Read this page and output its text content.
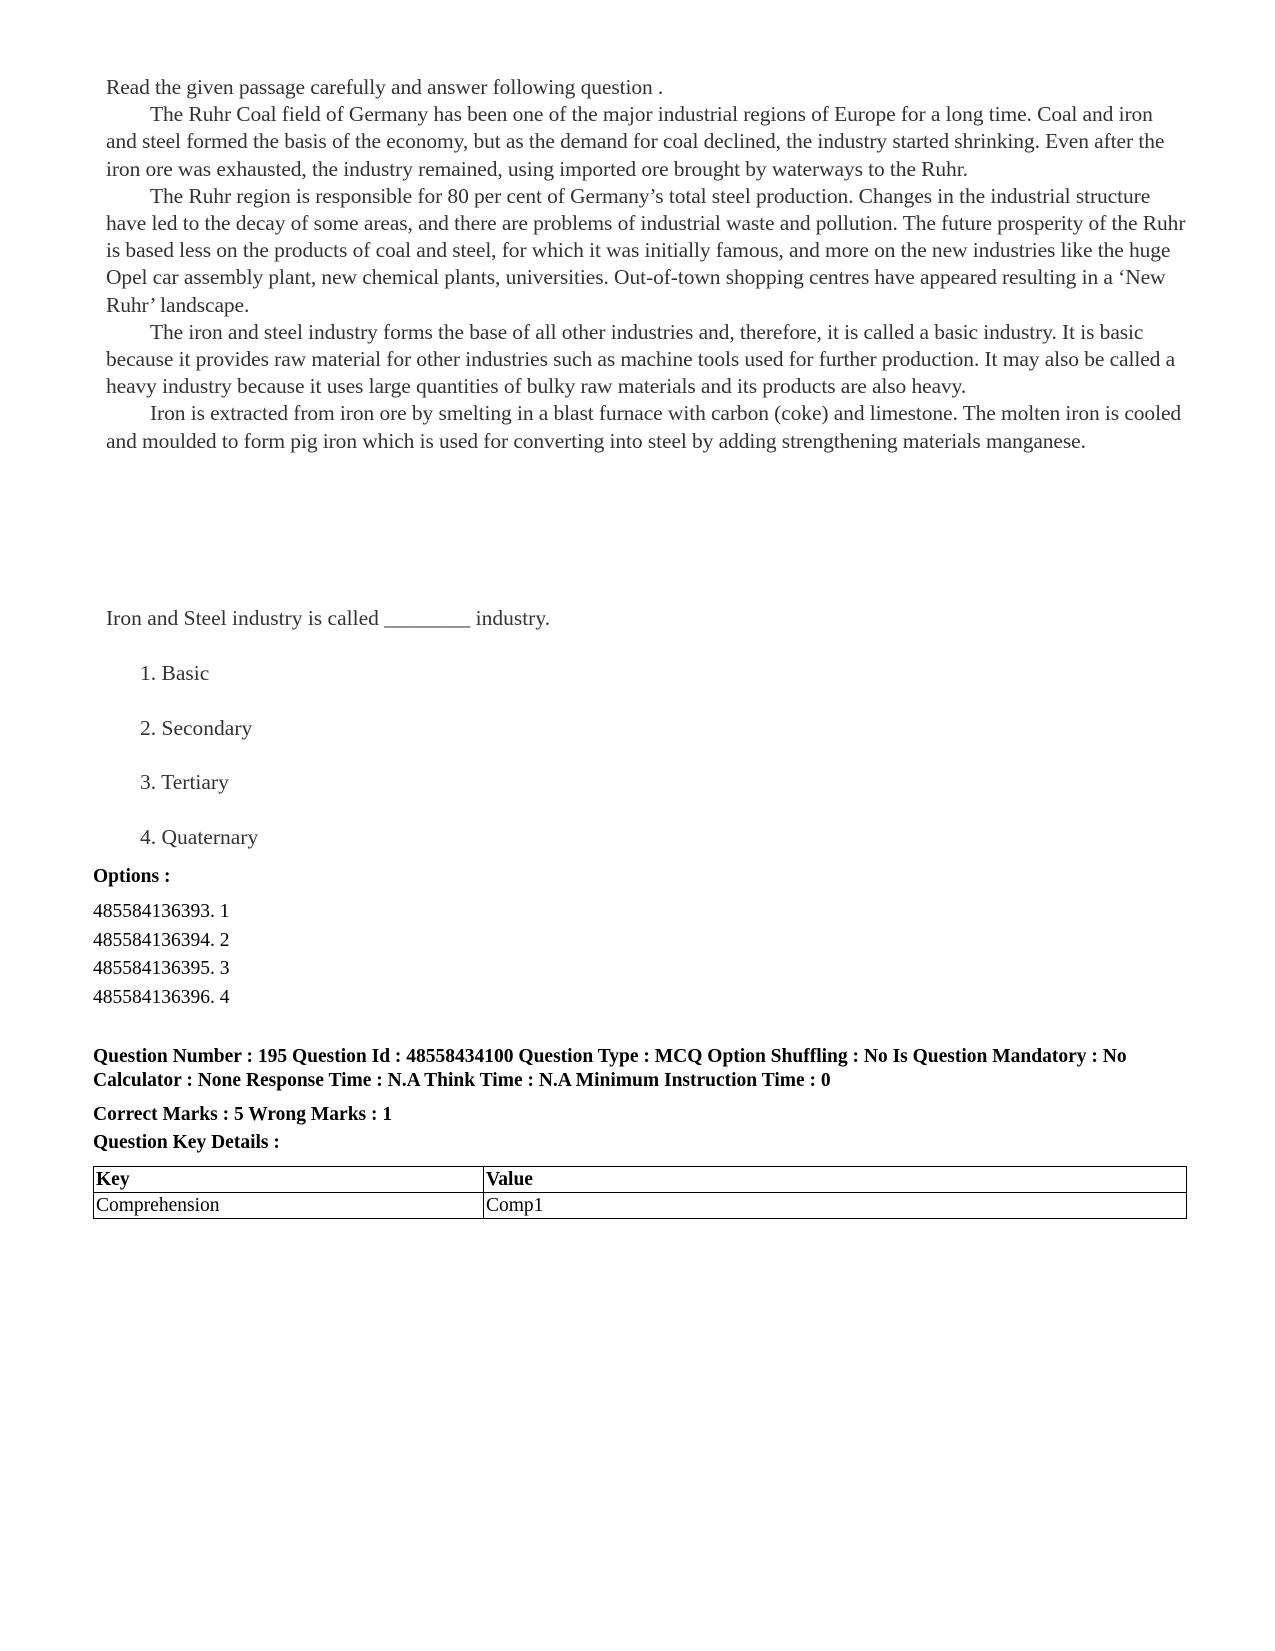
Read the given passage carefully and answer following question .

The Ruhr Coal field of Germany has been one of the major industrial regions of Europe for a long time. Coal and iron and steel formed the basis of the economy, but as the demand for coal declined, the industry started shrinking. Even after the iron ore was exhausted, the industry remained, using imported ore brought by waterways to the Ruhr.

The Ruhr region is responsible for 80 per cent of Germany’s total steel production. Changes in the industrial structure have led to the decay of some areas, and there are problems of industrial waste and pollution. The future prosperity of the Ruhr is based less on the products of coal and steel, for which it was initially famous, and more on the new industries like the huge Opel car assembly plant, new chemical plants, universities. Out-of-town shopping centres have appeared resulting in a ‘New Ruhr’ landscape.

The iron and steel industry forms the base of all other industries and, therefore, it is called a basic industry. It is basic because it provides raw material for other industries such as machine tools used for further production. It may also be called a heavy industry because it uses large quantities of bulky raw materials and its products are also heavy.

Iron is extracted from iron ore by smelting in a blast furnace with carbon (coke) and limestone. The molten iron is cooled and moulded to form pig iron which is used for converting into steel by adding strengthening materials manganese.

Iron and Steel industry is called ________ industry.
1. Basic
2. Secondary
3. Tertiary
4. Quaternary
Options :
485584136393. 1
485584136394. 2
485584136395. 3
485584136396. 4
Question Number : 195 Question Id : 48558434100 Question Type : MCQ Option Shuffling : No Is Question Mandatory : No Calculator : None Response Time : N.A Think Time : N.A Minimum Instruction Time : 0
Correct Marks : 5 Wrong Marks : 1
Question Key Details :
Key	Value
Comprehension	Comp1
